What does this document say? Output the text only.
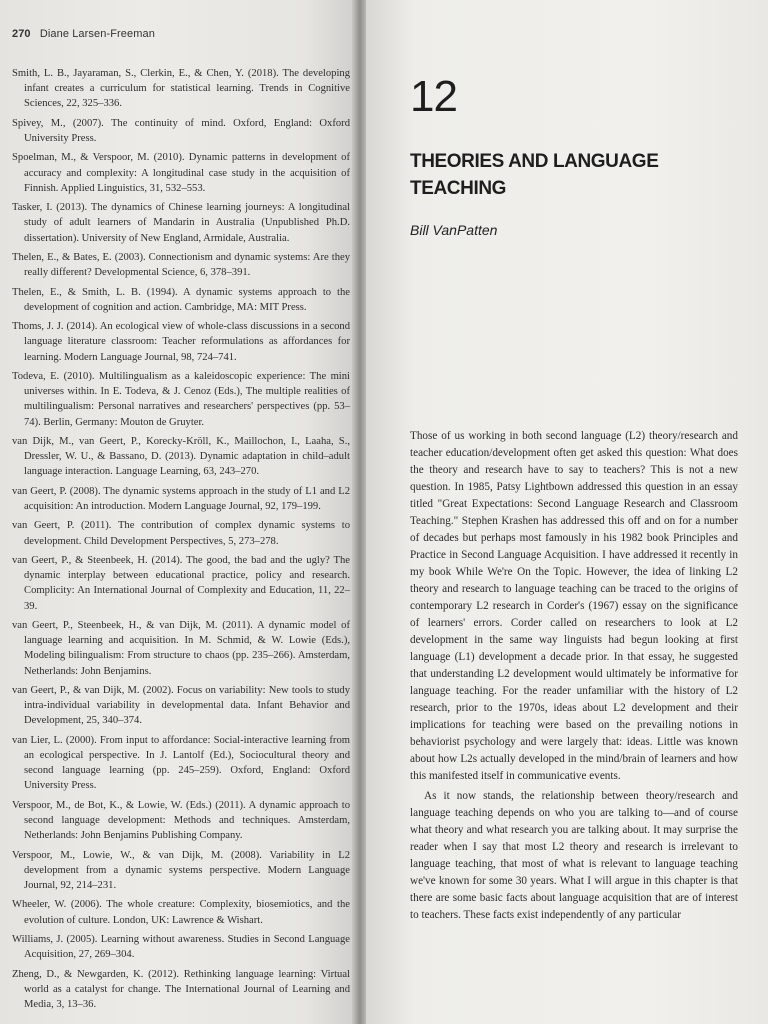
270 Diane Larsen-Freeman
Smith, L. B., Jayaraman, S., Clerkin, E., & Chen, Y. (2018). The developing infant creates a curriculum for statistical learning. Trends in Cognitive Sciences, 22, 325–336.
Spivey, M., (2007). The continuity of mind. Oxford, England: Oxford University Press.
Spoelman, M., & Verspoor, M. (2010). Dynamic patterns in development of accuracy and complexity: A longitudinal case study in the acquisition of Finnish. Applied Linguistics, 31, 532–553.
Tasker, I. (2013). The dynamics of Chinese learning journeys: A longitudinal study of adult learners of Mandarin in Australia (Unpublished Ph.D. dissertation). University of New England, Armidale, Australia.
Thelen, E., & Bates, E. (2003). Connectionism and dynamic systems: Are they really different? Developmental Science, 6, 378–391.
Thelen, E., & Smith, L. B. (1994). A dynamic systems approach to the development of cognition and action. Cambridge, MA: MIT Press.
Thoms, J. J. (2014). An ecological view of whole-class discussions in a second language literature classroom: Teacher reformulations as affordances for learning. Modern Language Journal, 98, 724–741.
Todeva, E. (2010). Multilingualism as a kaleidoscopic experience: The mini universes within. In E. Todeva, & J. Cenoz (Eds.), The multiple realities of multilingualism: Personal narratives and researchers' perspectives (pp. 53–74). Berlin, Germany: Mouton de Gruyter.
van Dijk, M., van Geert, P., Korecky-Kröll, K., Maillochon, I., Laaha, S., Dressler, W. U., & Bassano, D. (2013). Dynamic adaptation in child–adult language interaction. Language Learning, 63, 243–270.
van Geert, P. (2008). The dynamic systems approach in the study of L1 and L2 acquisition: An introduction. Modern Language Journal, 92, 179–199.
van Geert, P. (2011). The contribution of complex dynamic systems to development. Child Development Perspectives, 5, 273–278.
van Geert, P., & Steenbeek, H. (2014). The good, the bad and the ugly? The dynamic interplay between educational practice, policy and research. Complicity: An International Journal of Complexity and Education, 11, 22–39.
van Geert, P., Steenbeek, H., & van Dijk, M. (2011). A dynamic model of language learning and acquisition. In M. Schmid, & W. Lowie (Eds.), Modeling bilingualism: From structure to chaos (pp. 235–266). Amsterdam, Netherlands: John Benjamins.
van Geert, P., & van Dijk, M. (2002). Focus on variability: New tools to study intra-individual variability in developmental data. Infant Behavior and Development, 25, 340–374.
van Lier, L. (2000). From input to affordance: Social-interactive learning from an ecological perspective. In J. Lantolf (Ed.), Sociocultural theory and second language learning (pp. 245–259). Oxford, England: Oxford University Press.
Verspoor, M., de Bot, K., & Lowie, W. (Eds.) (2011). A dynamic approach to second language development: Methods and techniques. Amsterdam, Netherlands: John Benjamins Publishing Company.
Verspoor, M., Lowie, W., & van Dijk, M. (2008). Variability in L2 development from a dynamic systems perspective. Modern Language Journal, 92, 214–231.
Wheeler, W. (2006). The whole creature: Complexity, biosemiotics, and the evolution of culture. London, UK: Lawrence & Wishart.
Williams, J. (2005). Learning without awareness. Studies in Second Language Acquisition, 27, 269–304.
Zheng, D., & Newgarden, K. (2012). Rethinking language learning: Virtual world as a catalyst for change. The International Journal of Learning and Media, 3, 13–36.
12
THEORIES AND LANGUAGE TEACHING
Bill VanPatten

Those of us working in both second language (L2) theory/research and teacher education/development often get asked this question: What does the theory and research have to say to teachers? This is not a new question. In 1985, Patsy Lightbown addressed this question in an essay titled "Great Expectations: Second Language Research and Classroom Teaching." Stephen Krashen has addressed this off and on for a number of decades but perhaps most famously in his 1982 book Principles and Practice in Second Language Acquisition. I have addressed it recently in my book While We're On the Topic. However, the idea of linking L2 theory and research to language teaching can be traced to the origins of contemporary L2 research in Corder's (1967) essay on the significance of learners' errors. Corder called on researchers to look at L2 development in the same way linguists had begun looking at first language (L1) development a decade prior. In that essay, he suggested that understanding L2 development would ultimately be informative for language teaching. For the reader unfamiliar with the history of L2 research, prior to the 1970s, ideas about L2 development and their implications for teaching were based on the prevailing notions in behaviorist psychology and were largely that: ideas. Little was known about how L2s actually developed in the mind/brain of learners and how this manifested itself in communicative events.

As it now stands, the relationship between theory/research and language teaching depends on who you are talking to—and of course what theory and what research you are talking about. It may surprise the reader when I say that most L2 theory and research is irrelevant to language teaching, that most of what is relevant to language teaching we've known for some 30 years. What I will argue in this chapter is that there are some basic facts about language acquisition that are of interest to teachers. These facts exist independently of any particular
